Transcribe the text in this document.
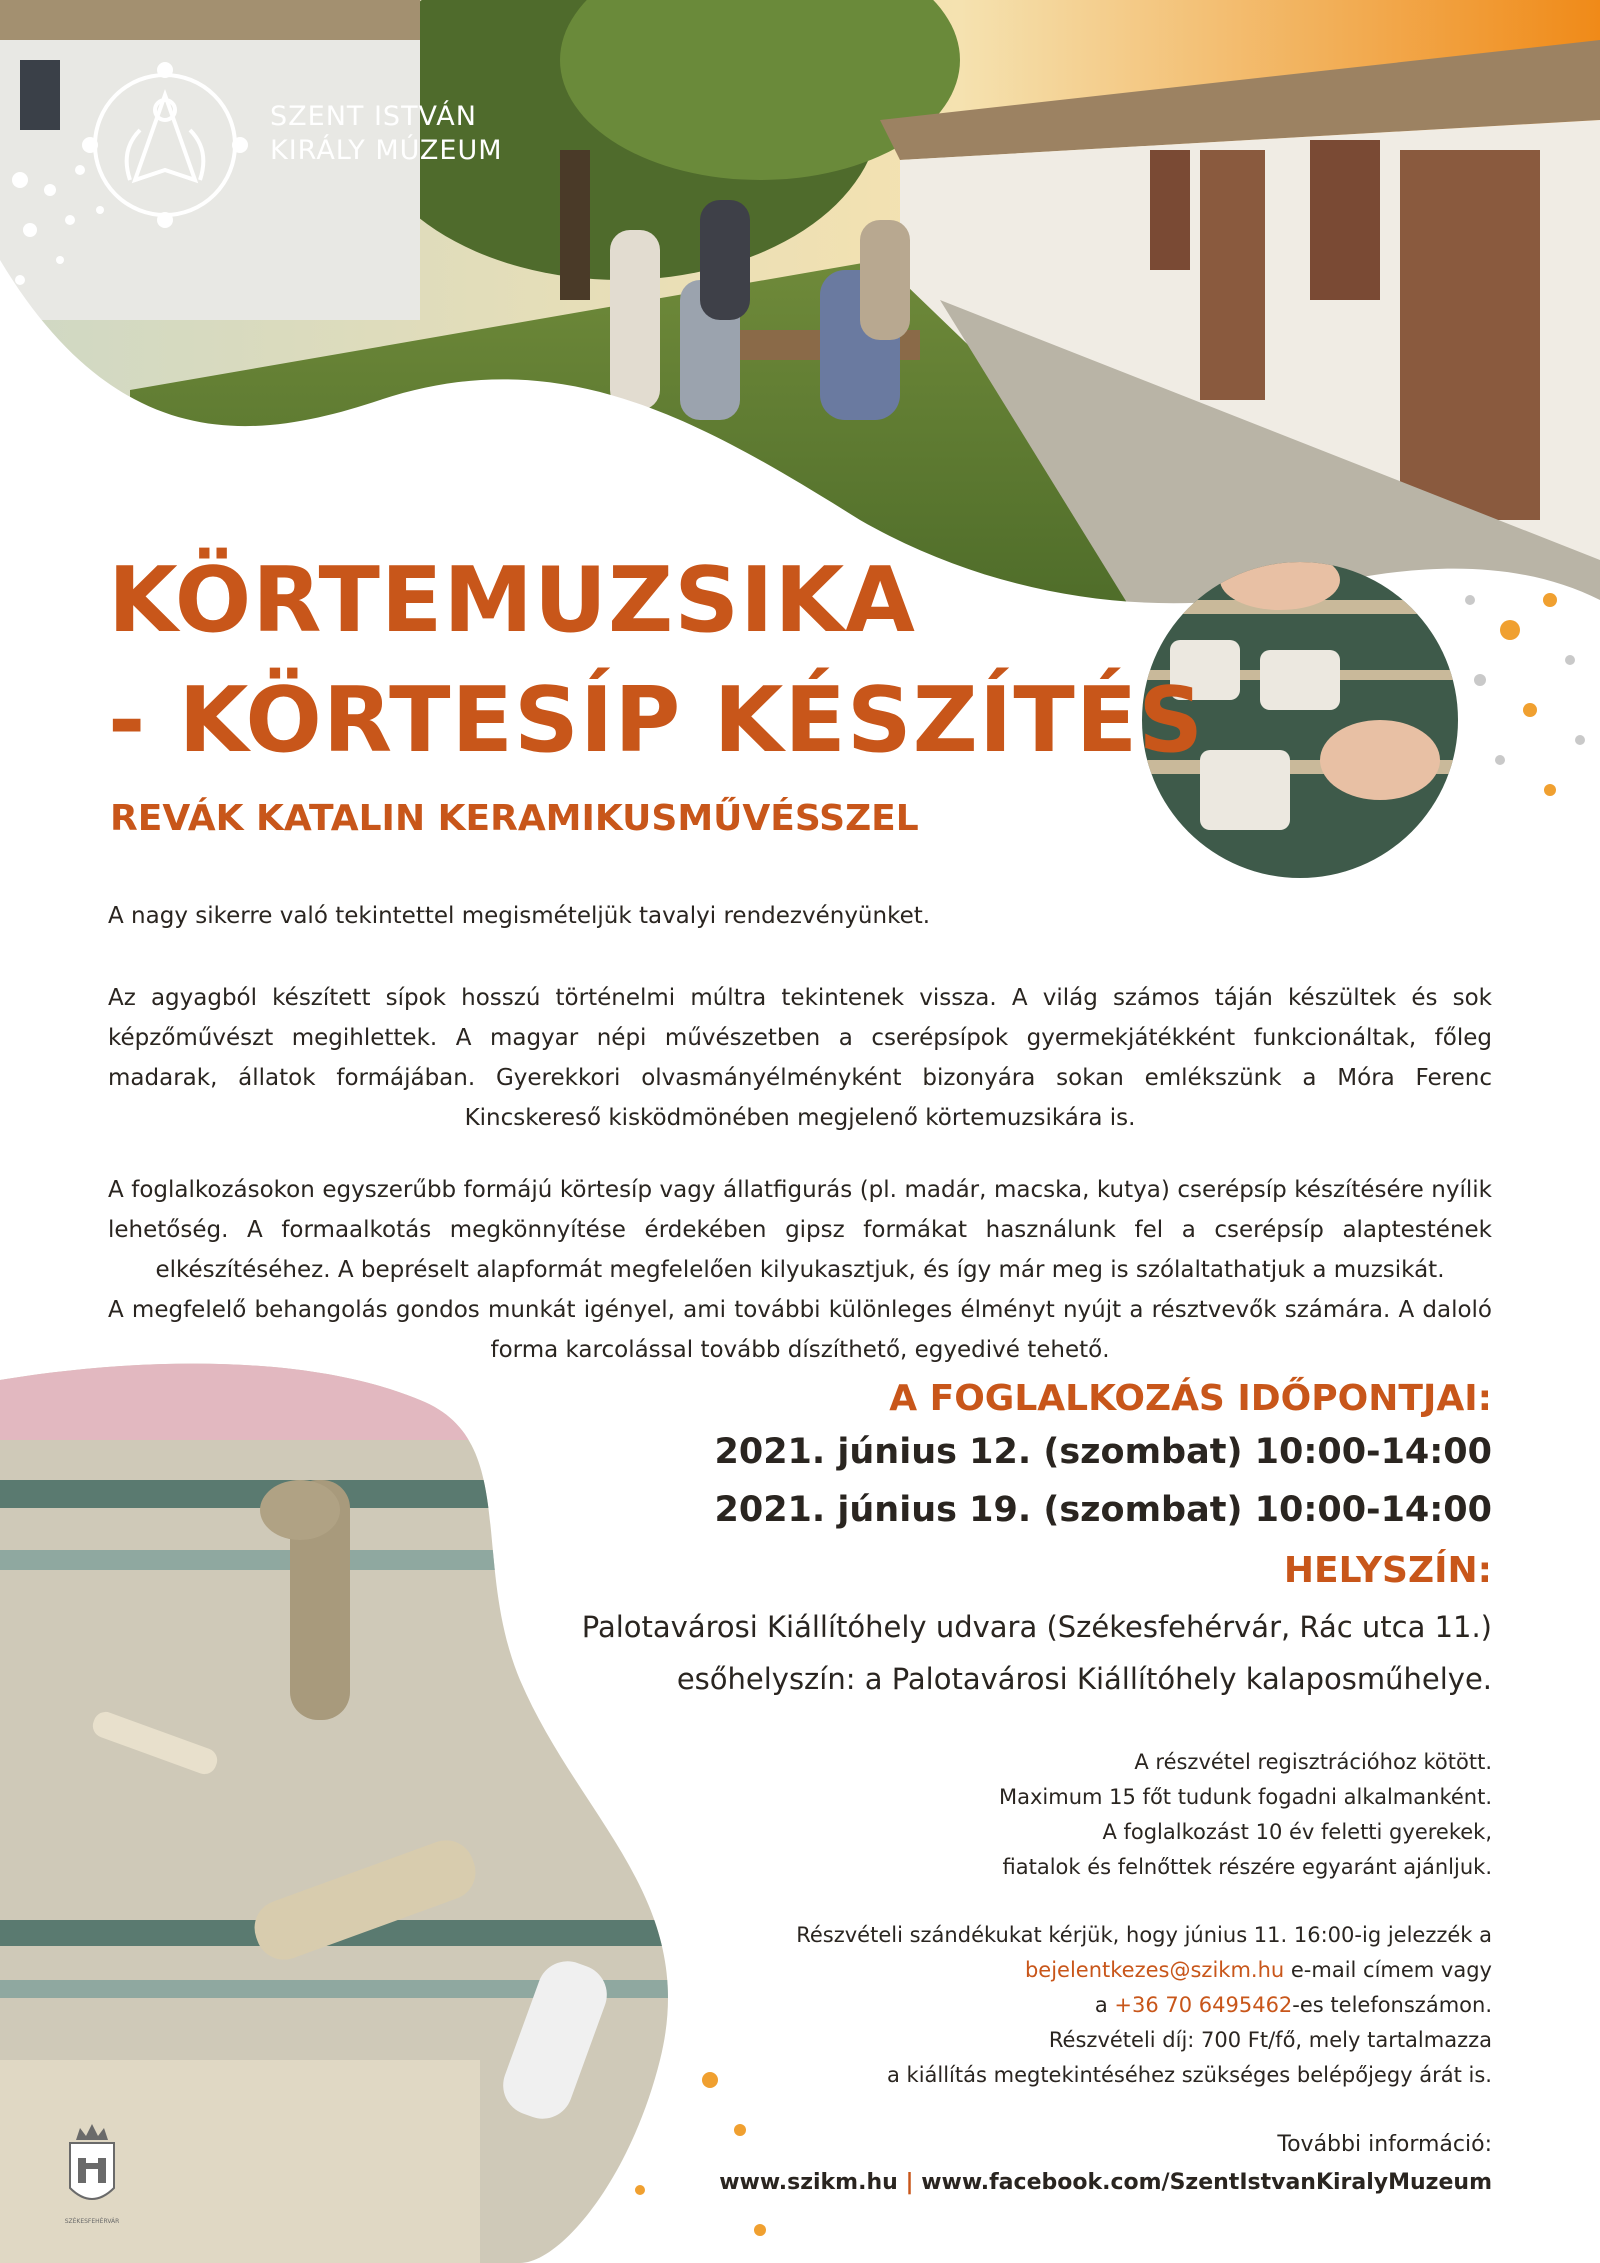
SZENT ISTVÁN
KIRÁLY MÚZEUM
KÖRTEMUZSIKA
- KÖRTESÍP KÉSZÍTÉS
REVÁK KATALIN KERAMIKUSMŰVÉSSZEL
A nagy sikerre való tekintettel megismételjük tavalyi rendezvényünket.
Az agyagból készített sípok hosszú történelmi múltra tekintenek vissza. A világ számos táján készültek és sok képzőművészt megihlettek. A magyar népi művészetben a cserépsípok gyermekjátékként funkcionáltak, főleg madarak, állatok formájában. Gyerekkori olvasmányélményként bizonyára sokan emlékszünk a Móra Ferenc Kincskereső kisködmönében megjelenő körtemuzsikára is.

A foglalkozásokon egyszerűbb formájú körtesíp vagy állatfigurás (pl. madár, macska, kutya) cserépsíp készítésére nyílik lehetőség. A formaalkotás megkönnyítése érdekében gipsz formákat használunk fel a cserépsíp alaptestének elkészítéséhez. A bepréselt alapformát megfelelően kilyukasztjuk, és így már meg is szólaltathatjuk a muzsikát.

A megfelelő behangolás gondos munkát igényel, ami további különleges élményt nyújt a résztvevők számára. A daloló forma karcolással tovább díszíthető, egyedivé tehető.

A FOGLALKOZÁS IDŐPONTJAI:
2021. június 12. (szombat) 10:00-14:00
2021. június 19. (szombat) 10:00-14:00
HELYSZÍN:
Palotavárosi Kiállítóhely udvara (Székesfehérvár, Rác utca 11.)
esőhelyszín: a Palotavárosi Kiállítóhely kalaposműhelye.
A részvétel regisztrációhoz kötött.
Maximum 15 főt tudunk fogadni alkalmanként.
A foglalkozást 10 év feletti gyerekek,
fiatalok és felnőttek részére egyaránt ajánljuk.
Részvételi szándékukat kérjük, hogy június 11. 16:00-ig jelezzék a
bejelentkezes@szikm.hu e-mail címem vagy
a +36 70 6495462-es telefonszámon.
Részvételi díj: 700 Ft/fő, mely tartalmazza
a kiállítás megtekintéséhez szükséges belépőjegy árát is.
További információ:
www.szikm.hu | www.facebook.com/SzentIstvanKiralyMuzeum
SZÉKESFEHÉRVÁR
